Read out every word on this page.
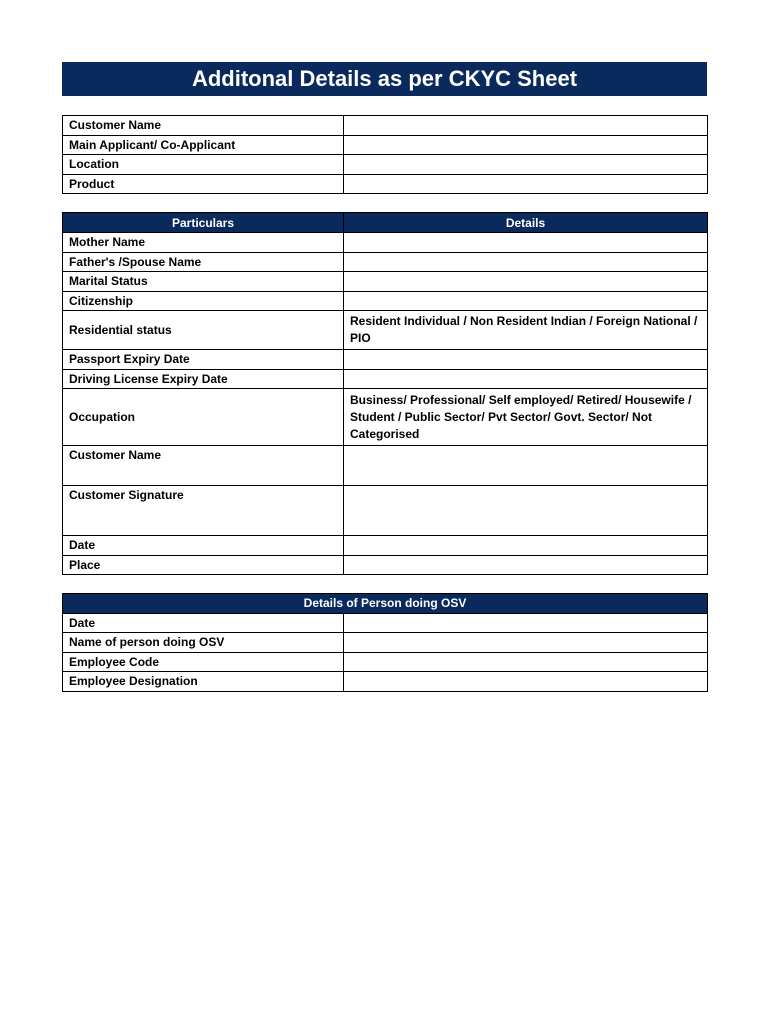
Additonal Details as per CKYC Sheet
Customer Name	
Main Applicant/ Co-Applicant	
Location	
Product	
Particulars	Details
Mother Name	
Father's /Spouse Name	
Marital Status	
Citizenship	
Residential status	Resident Individual / Non Resident Indian / Foreign National / PIO
Passport Expiry Date	
Driving License Expiry Date	
Occupation	Business/ Professional/ Self employed/ Retired/ Housewife / Student / Public Sector/ Pvt Sector/ Govt. Sector/ Not Categorised
Customer Name	
Customer Signature	
Date	
Place	
Details of Person doing OSV	
Date	
Name of person doing OSV	
Employee Code	
Employee Designation	
